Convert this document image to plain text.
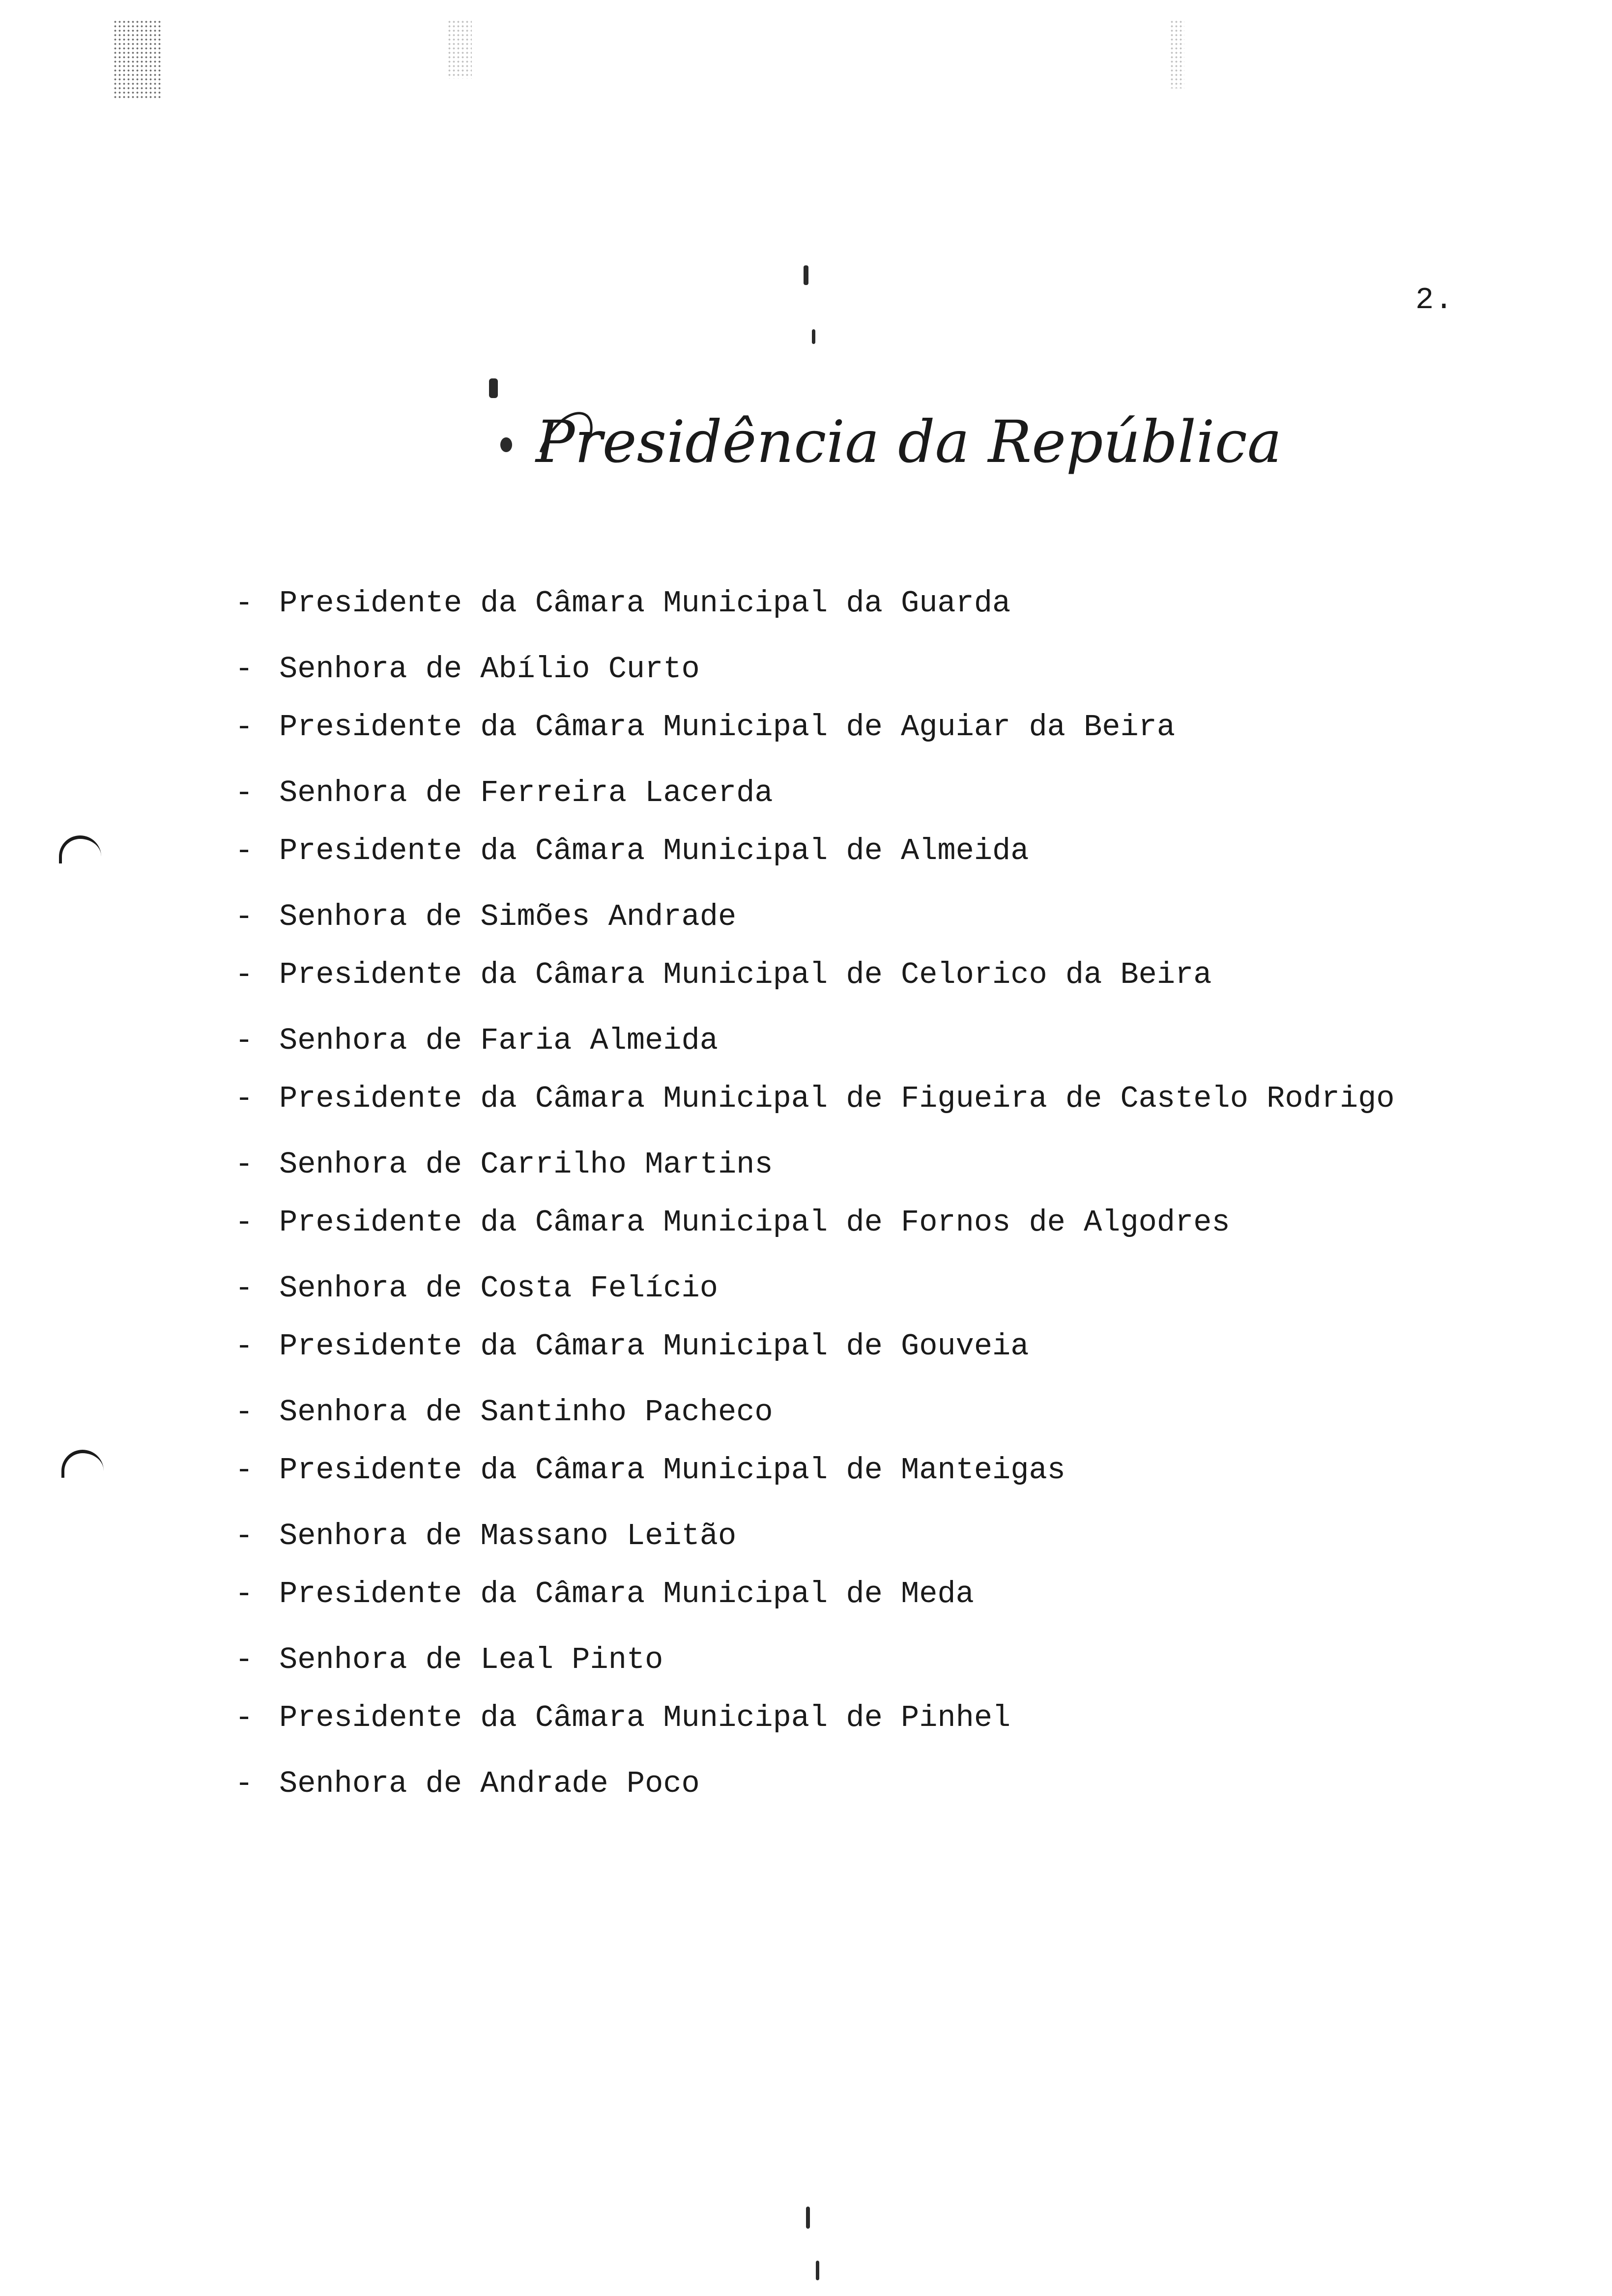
2.
Presidência da República
- Presidente da Câmara Municipal da Guarda
- Senhora de Abílio Curto
- Presidente da Câmara Municipal de Aguiar da Beira
- Senhora de Ferreira Lacerda
- Presidente da Câmara Municipal de Almeida
- Senhora de Simões Andrade
- Presidente da Câmara Municipal de Celorico da Beira
- Senhora de Faria Almeida
- Presidente da Câmara Municipal de Figueira de Castelo Rodrigo
- Senhora de Carrilho Martins
- Presidente da Câmara Municipal de Fornos de Algodres
- Senhora de Costa Felício
- Presidente da Câmara Municipal de Gouveia
- Senhora de Santinho Pacheco
- Presidente da Câmara Municipal de Manteigas
- Senhora de Massano Leitão
- Presidente da Câmara Municipal de Meda
- Senhora de Leal Pinto
- Presidente da Câmara Municipal de Pinhel
- Senhora de Andrade Poco
